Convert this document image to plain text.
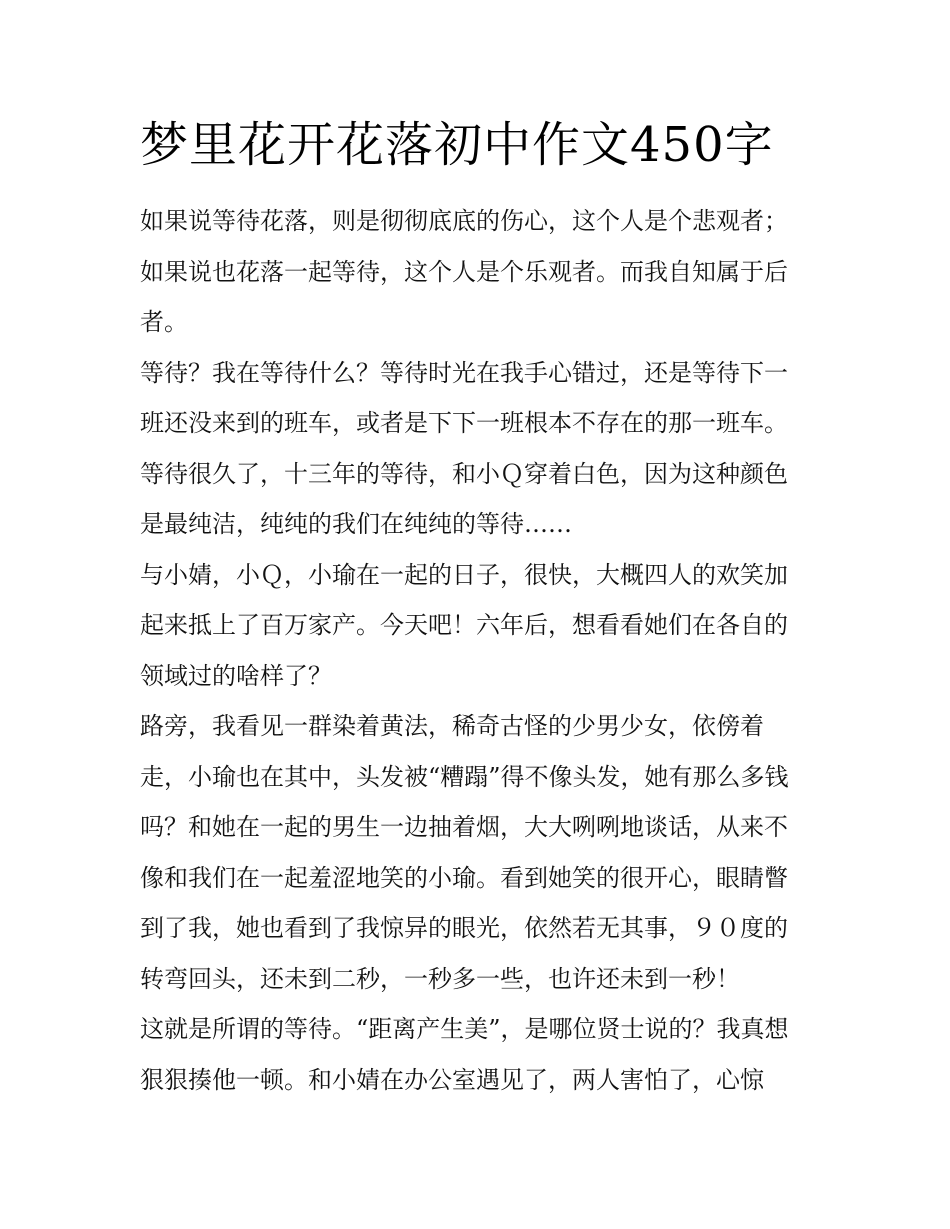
梦里花开花落初中作文450字
如果说等待花落，则是彻彻底底的伤心，这个人是个悲观者；
如果说也花落一起等待，这个人是个乐观者。而我自知属于后
者。
等待？我在等待什么？等待时光在我手心错过，还是等待下一
班还没来到的班车，或者是下下一班根本不存在的那一班车。
等待很久了，十三年的等待，和小Ｑ穿着白色，因为这种颜色
是最纯洁，纯纯的我们在纯纯的等待……
与小婧，小Ｑ，小瑜在一起的日子，很快，大概四人的欢笑加
起来抵上了百万家产。今天吧！六年后，想看看她们在各自的
领域过的啥样了？
路旁，我看见一群染着黄法，稀奇古怪的少男少女，依傍着
走，小瑜也在其中，头发被“糟蹋”得不像头发，她有那么多钱
吗？和她在一起的男生一边抽着烟，大大咧咧地谈话，从来不
像和我们在一起羞涩地笑的小瑜。看到她笑的很开心，眼睛瞥
到了我，她也看到了我惊异的眼光，依然若无其事，９０度的
转弯回头，还未到二秒，一秒多一些，也许还未到一秒！
这就是所谓的等待。“距离产生美”，是哪位贤士说的？我真想
狠狠揍他一顿。和小婧在办公室遇见了，两人害怕了，心惊
